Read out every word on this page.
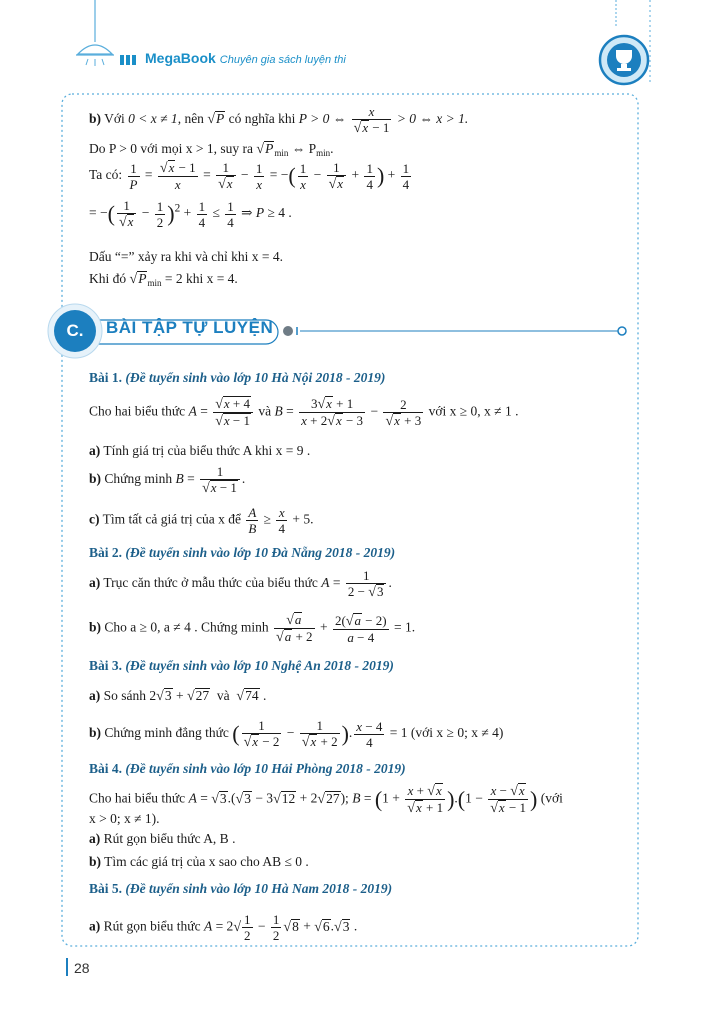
MegaBook Chuyên gia sách luyện thi
b) Với 0 < x ≠ 1, nên √P có nghĩa khi P > 0 ⇔ $\frac{x}{√x - 1} > 0$ ⇔ x > 1.
Do P > 0 với mọi x > 1, suy ra $√P_{min}$ ⇔ $P_{min}$.
Ta có: $\frac{1}{P} = \frac{√x - 1}{x} = \frac{1}{√x} - \frac{1}{x}$ = −( $\frac{1}{x} - \frac{1}{√x} + \frac{1}{4}$ ) + $\frac{1}{4}$
= −( $\frac{1}{√x} - \frac{1}{2} )^2 + \frac{1}{4} \le \frac{1}{4}$ ⇒ P ≥ 4 .
Dấu “=” xảy ra khi và chỉ khi x = 4.
Khi đó $√P_{min} = 2$ khi x = 4.
C.	BÀI TẬP TỰ LUYỆN
Bài 1. (Đề tuyển sinh vào lớp 10 Hà Nội 2018 - 2019)
Cho hai biểu thức $A = \frac{√x + 4}{√x - 1}$ và $B = \frac{3√x + 1}{x + 2√x - 3} - \frac{2}{√x + 3}$ với x ≥ 0, x ≠ 1 .
a) Tính giá trị của biểu thức A khi x = 9 .
b) Chứng minh $B = \frac{1}{√x - 1}$ .
c) Tìm tất cả giá trị của x để $\frac{A}{B} \ge \frac{x}{4} + 5$.
Bài 2. (Đề tuyển sinh vào lớp 10 Đà Nẵng 2018 - 2019)
a) Trục căn thức ở mẫu thức của biểu thức $A = \frac{1}{2 - √3}$ .
b) Cho a ≥ 0, a ≠ 4 . Chứng minh $\frac{√a}{√a + 2} + \frac{2(√a - 2)}{a - 4} = 1$.
Bài 3. (Đề tuyển sinh vào lớp 10 Nghệ An 2018 - 2019)
a) So sánh 2√3 + √27  và  √74 .
b) Chứng minh đẳng thức ( $\frac{1}{√x - 2} - \frac{1}{√x + 2}$ ). $\frac{x - 4}{4} = 1$ (với x ≥ 0; x ≠ 4)
Bài 4. (Đề tuyển sinh vào lớp 10 Hải Phòng 2018 - 2019)
Cho hai biểu thức A = √3.(√3 − 3√12 + 2√27); $B = (1 + \frac{x + √x}{√x + 1} ).(1 - \frac{x - √x}{√x - 1}$ ) (với
x > 0; x ≠ 1).
a) Rút gọn biểu thức A, B .
b) Tìm các giá trị của x sao cho AB ≤ 0 .
Bài 5. (Đề tuyển sinh vào lớp 10 Hà Nam 2018 - 2019)
a) Rút gọn biểu thức $A = 2√ \frac{1}{2} - \frac{1}{2} √8 + √6.√3$ .
28
